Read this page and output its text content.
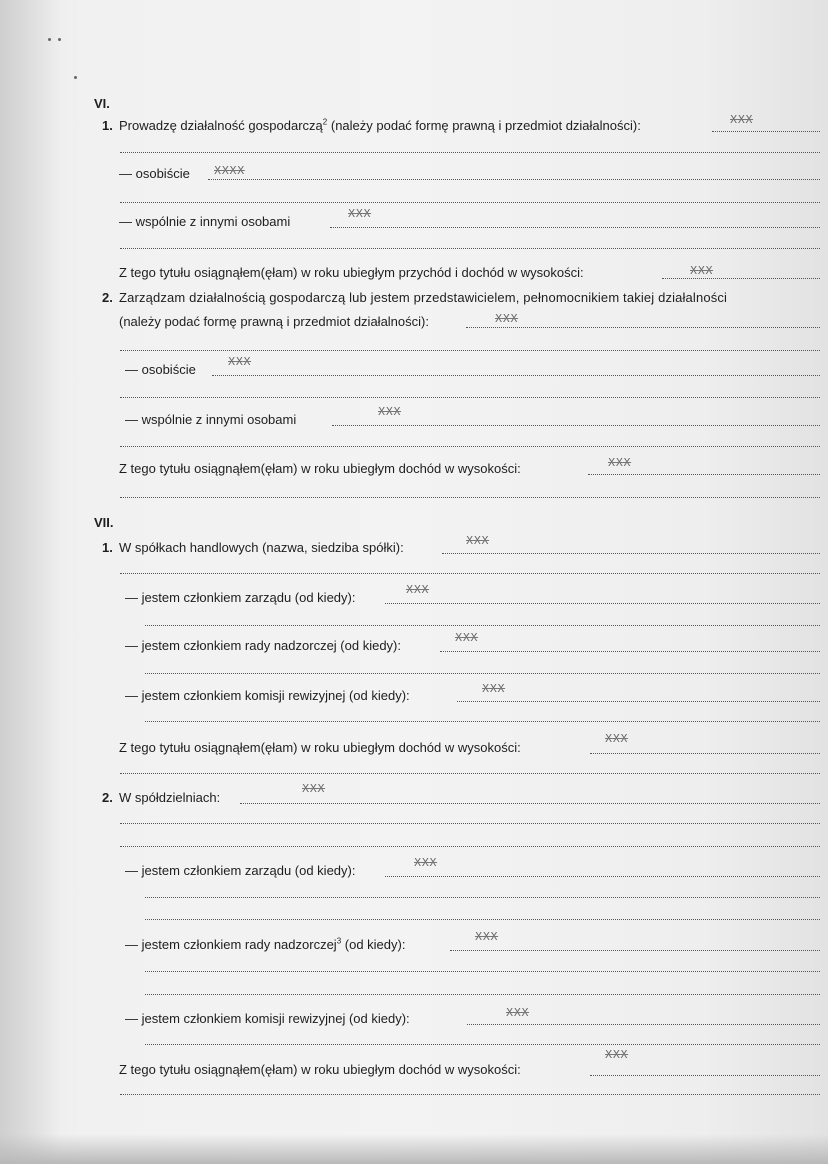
VI.
1. Prowadzę działalność gospodarczą$^2$ (należy podać formę prawną i przedmiot działalności):	XXX
— osobiście XXXX
— wspólnie z innymi osobami	XXX
Z tego tytułu osiągnąłem(ęłam) w roku ubiegłym przychód i dochód w wysokości:	XXX
2. Zarządzam działalnością gospodarczą lub jestem przedstawicielem, pełnomocnikiem takiej działalności
(należy podać formę prawną i przedmiot działalności):	XXX
— osobiście	XXX
— wspólnie z innymi osobami	XXX
Z tego tytułu osiągnąłem(ęłam) w roku ubiegłym dochód w wysokości:	XXX
VII.
1. W spółkach handlowych (nazwa, siedziba spółki):	XXX
— jestem członkiem zarządu (od kiedy):	XXX
— jestem członkiem rady nadzorczej (od kiedy):	XXX
— jestem członkiem komisji rewizyjnej (od kiedy):	XXX
Z tego tytułu osiągnąłem(ęłam) w roku ubiegłym dochód w wysokości:
XXX
2. W spółdzielniach:
XXX
— jestem członkiem zarządu (od kiedy):	XXX
— jestem członkiem rady nadzorczej$^3$ (od kiedy):	XXX
— jestem członkiem komisji rewizyjnej (od kiedy):	XXX
Z tego tytułu osiągnąłem(ęłam) w roku ubiegłym dochód w wysokości:
XXX
